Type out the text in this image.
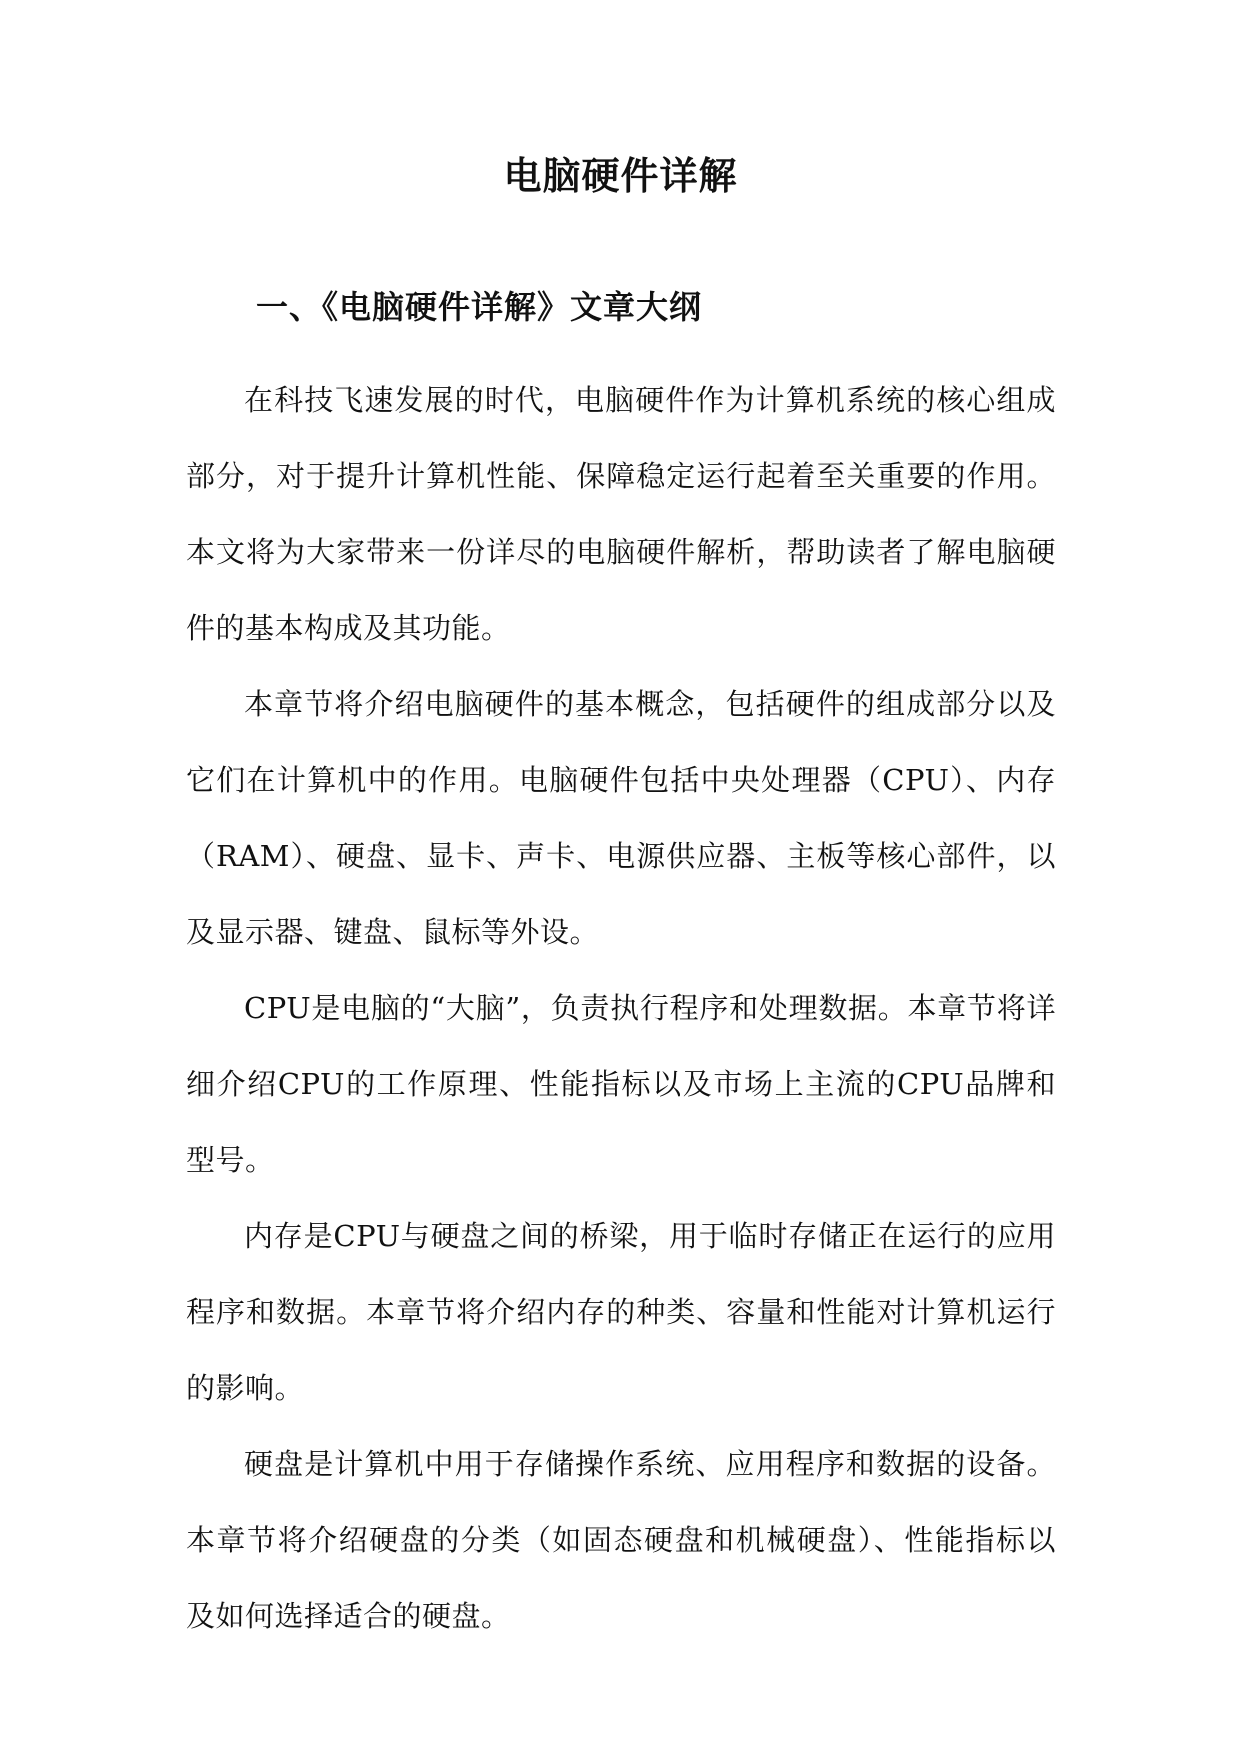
电脑硬件详解
一、《电脑硬件详解》文章大纲

在科技飞速发展的时代，电脑硬件作为计算机系统的核心组成部分，对于提升计算机性能、保障稳定运行起着至关重要的作用。本文将为大家带来一份详尽的电脑硬件解析，帮助读者了解电脑硬件的基本构成及其功能。

本章节将介绍电脑硬件的基本概念，包括硬件的组成部分以及它们在计算机中的作用。电脑硬件包括中央处理器（CPU）、内存（RAM）、硬盘、显卡、声卡、电源供应器、主板等核心部件，以及显示器、键盘、鼠标等外设。

CPU是电脑的“大脑”，负责执行程序和处理数据。本章节将详细介绍CPU的工作原理、性能指标以及市场上主流的CPU品牌和型号。

内存是CPU与硬盘之间的桥梁，用于临时存储正在运行的应用程序和数据。本章节将介绍内存的种类、容量和性能对计算机运行的影响。

硬盘是计算机中用于存储操作系统、应用程序和数据的设备。本章节将介绍硬盘的分类（如固态硬盘和机械硬盘）、性能指标以及如何选择适合的硬盘。
